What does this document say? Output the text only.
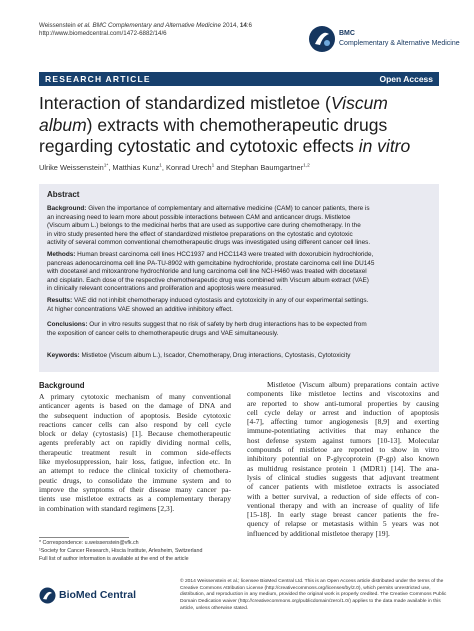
Weissenstein et al. BMC Complementary and Alternative Medicine 2014, 14:6
http://www.biomedcentral.com/1472-6882/14/6	BMC
Complementary & Alternative Medicine
RESEARCH ARTICLE	Open Access
Interaction of standardized mistletoe (Viscum
album) extracts with chemotherapeutic drugs
regarding cytostatic and cytotoxic effects in vitro
Ulrike Weissenstein$^{1*}$, Matthias Kunz$^1$, Konrad Urech$^1$ and Stephan Baumgartner$^{1,2}$
Abstract
Background: Given the importance of complementary and alternative medicine (CAM) to cancer patients, there is
an increasing need to learn more about possible interactions between CAM and anticancer drugs. Mistletoe
(Viscum album L.) belongs to the medicinal herbs that are used as supportive care during chemotherapy. In the
in vitro study presented here the effect of standardized mistletoe preparations on the cytostatic and cytotoxic
activity of several common conventional chemotherapeutic drugs was investigated using different cancer cell lines.
Methods: Human breast carcinoma cell lines HCC1937 and HCC1143 were treated with doxorubicin hydrochloride,
pancreas adenocarcinoma cell line PA-TU-8902 with gemcitabine hydrochloride, prostate carcinoma cell line DU145
with docetaxel and mitoxantrone hydrochloride and lung carcinoma cell line NCI-H460 was treated with docetaxel
and cisplatin. Each dose of the respective chemotherapeutic drug was combined with Viscum album extract (VAE)
in clinically relevant concentrations and proliferation and apoptosis were measured.
Results: VAE did not inhibit chemotherapy induced cytostasis and cytotoxicity in any of our experimental settings.
At higher concentrations VAE showed an additive inhibitory effect.
Conclusions: Our in vitro results suggest that no risk of safety by herb drug interactions has to be expected from
the exposition of cancer cells to chemotherapeutic drugs and VAE simultaneously.
Keywords: Mistletoe (Viscum album L.), Iscador, Chemotherapy, Drug interactions, Cytostasis, Cytotoxicity
Background
A primary cytotoxic mechanism of many conventional
anticancer agents is based on the damage of DNA and
the subsequent induction of apoptosis. Beside cytotoxic
reactions cancer cells can also respond by cell cycle
block or delay (cytostasis) [1]. Because chemotherapeutic
agents preferably act on rapidly dividing normal cells,
therapeutic treatment result in common side-effects
like myelosuppression, hair loss, fatigue, infection etc. In
an attempt to reduce the clinical toxicity of chemothera-
peutic drugs, to consolidate the immune system and to
improve the symptoms of their disease many cancer pa-
tients use mistletoe extracts as a complementary therapy
in combination with standard regimens [2,3].
Mistletoe (Viscum album) preparations contain active
components like mistletoe lectins and viscotoxins and
are reported to show anti-tumoral properties by causing
cell cycle delay or arrest and induction of apoptosis
[4-7], affecting tumor angiogenesis [8,9] and exerting
immune-potentiating activities that may enhance the
host defense system against tumors [10-13]. Molecular
compounds of mistletoe are reported to show in vitro
inhibitory potential on P-glycoprotein (P-gp) also known
as multidrug resistance protein 1 (MDR1) [14]. The ana-
lysis of clinical studies suggests that adjuvant treatment
of cancer patients with mistletoe extracts is associated
with a better survival, a reduction of side effects of con-
ventional therapy and with an increase of quality of life
[15-18]. In early stage breast cancer patients the fre-
quency of relapse or metastasis within 5 years was not
influenced by additional mistletoe therapy [19].
* Correspondence: u.weissenstein@vfk.ch
¹Society for Cancer Research, Hiscia Institute, Arlesheim, Switzerland
Full list of author information is available at the end of the article
BioMed Central
© 2014 Weissenstein et al.; licensee BioMed Central Ltd. This is an Open Access article distributed under the terms of the
Creative Commons Attribution License (http://creativecommons.org/licenses/by/2.0), which permits unrestricted use,
distribution, and reproduction in any medium, provided the original work is properly credited. The Creative Commons Public
Domain Dedication waiver (http://creativecommons.org/publicdomain/zero/1.0/) applies to the data made available in this
article, unless otherwise stated.
